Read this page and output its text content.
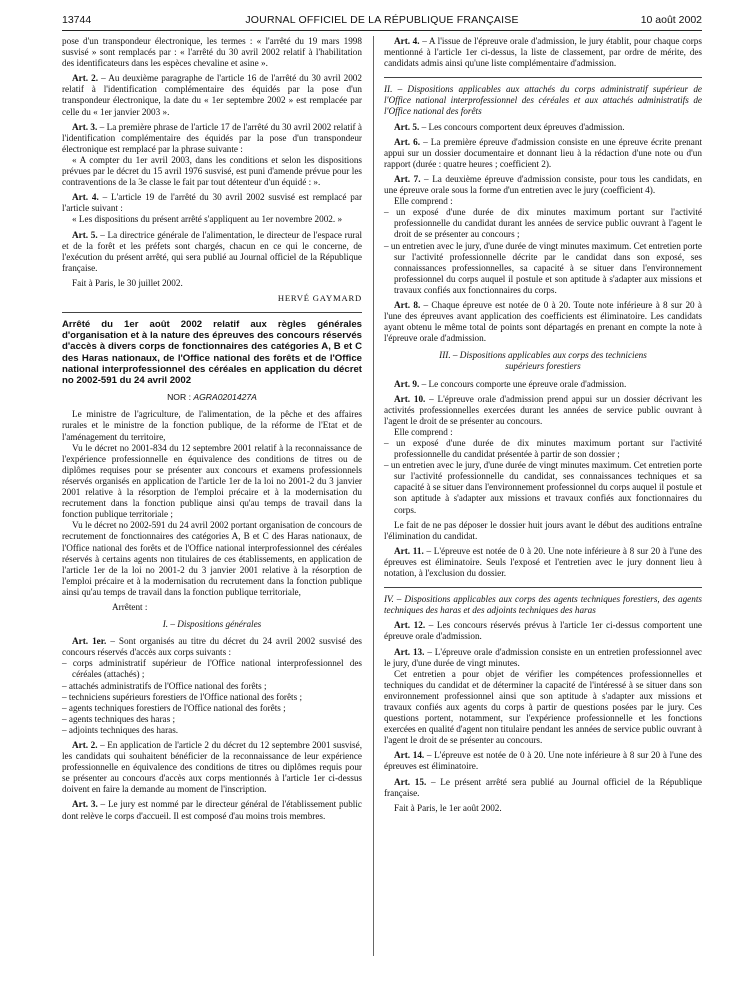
13744	JOURNAL OFFICIEL DE LA RÉPUBLIQUE FRANÇAISE	10 août 2002

pose d'un transpondeur électronique, les termes : « l'arrêté du 19 mars 1998 susvisé » sont remplacés par : « l'arrêté du 30 avril 2002 relatif à l'habilitation des identificateurs dans les espèces chevaline et asine ».

Art. 2. – Au deuxième paragraphe de l'article 16 de l'arrêté du 30 avril 2002 relatif à l'identification complémentaire des équidés par la pose d'un transpondeur électronique, la date du « 1er septembre 2002 » est remplacée par celle du « 1er janvier 2003 ».

Art. 3. – La première phrase de l'article 17 de l'arrêté du 30 avril 2002 relatif à l'identification complémentaire des équidés par la pose d'un transpondeur électronique est remplacé par la phrase suivante :

« A compter du 1er avril 2003, dans les conditions et selon les dispositions prévues par le décret du 15 avril 1976 susvisé, est puni d'amende prévue pour les contraventions de la 3e classe le fait par tout détenteur d'un équidé : ».

Art. 4. – L'article 19 de l'arrêté du 30 avril 2002 susvisé est remplacé par l'article suivant :

« Les dispositions du présent arrêté s'appliquent au 1er novembre 2002. »

Art. 5. – La directrice générale de l'alimentation, le directeur de l'espace rural et de la forêt et les préfets sont chargés, chacun en ce qui le concerne, de l'exécution du présent arrêté, qui sera publié au Journal officiel de la République française.

Fait à Paris, le 30 juillet 2002.

HERVÉ GAYMARD

Arrêté du 1er août 2002 relatif aux règles générales d'organisation et à la nature des épreuves des concours réservés d'accès à divers corps de fonctionnaires des catégories A, B et C des Haras nationaux, de l'Office national des forêts et de l'Office national interprofessionnel des céréales en application du décret no 2002-591 du 24 avril 2002

NOR : AGRA0201427A

Le ministre de l'agriculture, de l'alimentation, de la pêche et des affaires rurales et le ministre de la fonction publique, de la réforme de l'Etat et de l'aménagement du territoire,

Vu le décret no 2001-834 du 12 septembre 2001 relatif à la reconnaissance de l'expérience professionnelle en équivalence des conditions de titres ou de diplômes requises pour se présenter aux concours et examens professionnels réservés organisés en application de l'article 1er de la loi no 2001-2 du 3 janvier 2001 relative à la résorption de l'emploi précaire et à la modernisation du recrutement dans la fonction publique ainsi qu'au temps de travail dans la fonction publique territoriale ;

Vu le décret no 2002-591 du 24 avril 2002 portant organisation de concours de recrutement de fonctionnaires des catégories A, B et C des Haras nationaux, de l'Office national des forêts et de l'Office national interprofessionnel des céréales réservés à certains agents non titulaires de ces établissements, en application de l'article 1er de la loi no 2001-2 du 3 janvier 2001 relative à la résorption de l'emploi précaire et à la modernisation du recrutement dans la fonction publique ainsi qu'au temps de travail dans la fonction publique territoriale,

Arrêtent :

I. – Dispositions générales

Art. 1er. – Sont organisés au titre du décret du 24 avril 2002 susvisé des concours réservés d'accès aux corps suivants :

– corps administratif supérieur de l'Office national interprofessionnel des céréales (attachés) ;

– attachés administratifs de l'Office national des forêts ;

– techniciens supérieurs forestiers de l'Office national des forêts ;

– agents techniques forestiers de l'Office national des forêts ;

– agents techniques des haras ;

– adjoints techniques des haras.

Art. 2. – En application de l'article 2 du décret du 12 septembre 2001 susvisé, les candidats qui souhaitent bénéficier de la reconnaissance de leur expérience professionnelle en équivalence des conditions de titres ou diplômes requis pour se présenter au concours d'accès aux corps mentionnés à l'article 1er ci-dessus doivent en faire la demande au moment de l'inscription.

Art. 3. – Le jury est nommé par le directeur général de l'établissement public dont relève le corps d'accueil. Il est composé d'au moins trois membres.

Art. 4. – A l'issue de l'épreuve orale d'admission, le jury établit, pour chaque corps mentionné à l'article 1er ci-dessus, la liste de classement, par ordre de mérite, des candidats admis ainsi qu'une liste complémentaire d'admission.

II. – Dispositions applicables aux attachés du corps administratif supérieur de l'Office national interprofessionnel des céréales et aux attachés administratifs de l'Office national des forêts

Art. 5. – Les concours comportent deux épreuves d'admission.

Art. 6. – La première épreuve d'admission consiste en une épreuve écrite prenant appui sur un dossier documentaire et donnant lieu à la rédaction d'une note ou d'un rapport (durée : quatre heures ; coefficient 2).

Art. 7. – La deuxième épreuve d'admission consiste, pour tous les candidats, en une épreuve orale sous la forme d'un entretien avec le jury (coefficient 4).

Elle comprend :

– un exposé d'une durée de dix minutes maximum portant sur l'activité professionnelle du candidat durant les années de service public ouvrant à l'agent le droit de se présenter au concours ;

– un entretien avec le jury, d'une durée de vingt minutes maximum. Cet entretien porte sur l'activité professionnelle décrite par le candidat dans son exposé, ses connaissances professionnelles, sa capacité à se situer dans l'environnement professionnel du corps auquel il postule et son aptitude à s'adapter aux missions et travaux confiés aux fonctionnaires du corps.

Art. 8. – Chaque épreuve est notée de 0 à 20. Toute note inférieure à 8 sur 20 à l'une des épreuves avant application des coefficients est éliminatoire. Les candidats ayant obtenu le même total de points sont départagés en prenant en compte la note à l'épreuve orale d'admission.

III. – Dispositions applicables aux corps des techniciens supérieurs forestiers

Art. 9. – Le concours comporte une épreuve orale d'admission.

Art. 10. – L'épreuve orale d'admission prend appui sur un dossier décrivant les activités professionnelles exercées durant les années de service public ouvrant à l'agent le droit de se présenter au concours.

Elle comprend :

– un exposé d'une durée de dix minutes maximum portant sur l'activité professionnelle du candidat présentée à partir de son dossier ;

– un entretien avec le jury, d'une durée de vingt minutes maximum. Cet entretien porte sur l'activité professionnelle du candidat, ses connaissances techniques et sa capacité à se situer dans l'environnement professionnel du corps auquel il postule et son aptitude à s'adapter aux missions et travaux confiés aux fonctionnaires du corps.

Le fait de ne pas déposer le dossier huit jours avant le début des auditions entraîne l'élimination du candidat.

Art. 11. – L'épreuve est notée de 0 à 20. Une note inférieure à 8 sur 20 à l'une des épreuves est éliminatoire. Seuls l'exposé et l'entretien avec le jury donnent lieu à notation, à l'exclusion du dossier.

IV. – Dispositions applicables aux corps des agents techniques forestiers, des agents techniques des haras et des adjoints techniques des haras

Art. 12. – Les concours réservés prévus à l'article 1er ci-dessus comportent une épreuve orale d'admission.

Art. 13. – L'épreuve orale d'admission consiste en un entretien professionnel avec le jury, d'une durée de vingt minutes.

Cet entretien a pour objet de vérifier les compétences professionnelles et techniques du candidat et de déterminer la capacité de l'intéressé à se situer dans son environnement professionnel ainsi que son aptitude à s'adapter aux missions et travaux confiés aux agents du corps à partir de questions posées par le jury. Ces questions portent, notamment, sur l'expérience professionnelle et les fonctions exercées en qualité d'agent non titulaire pendant les années de service public ouvrant à l'agent le droit de se présenter au concours.

Art. 14. – L'épreuve est notée de 0 à 20. Une note inférieure à 8 sur 20 à l'une des épreuves est éliminatoire.

Art. 15. – Le présent arrêté sera publié au Journal officiel de la République française.

Fait à Paris, le 1er août 2002.
